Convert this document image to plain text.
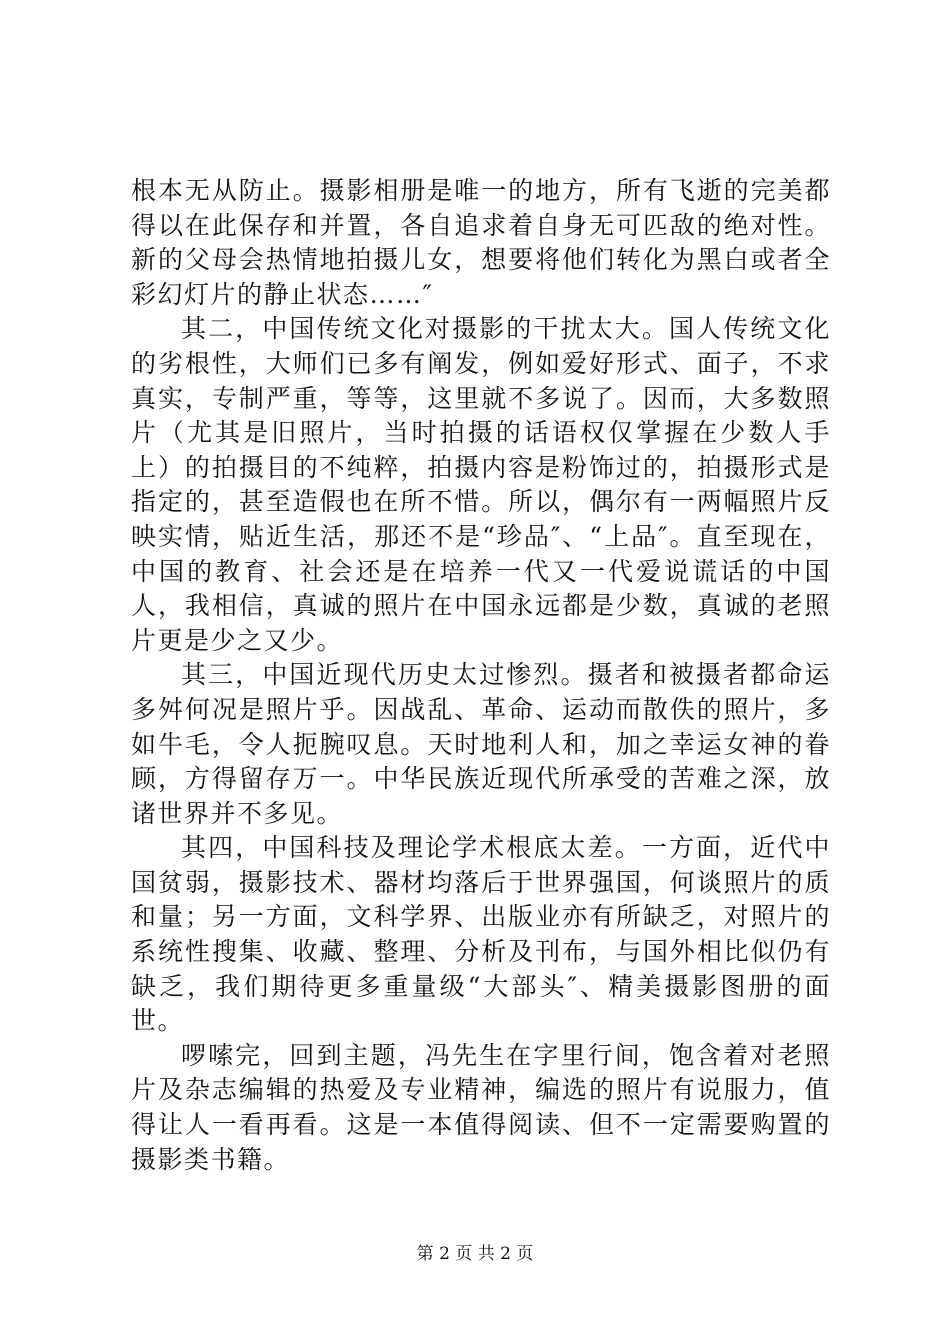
根本无从防止。摄影相册是唯一的地方，所有飞逝的完美都得以在此保存和并置，各自追求着自身无可匹敌的绝对性。新的父母会热情地拍摄儿女，想要将他们转化为黑白或者全彩幻灯片的静止状态……″

其二，中国传统文化对摄影的干扰太大。国人传统文化的劣根性，大师们已多有阐发，例如爱好形式、面子，不求真实，专制严重，等等，这里就不多说了。因而，大多数照片（尤其是旧照片，当时拍摄的话语权仅掌握在少数人手上）的拍摄目的不纯粹，拍摄内容是粉饰过的，拍摄形式是指定的，甚至造假也在所不惜。所以，偶尔有一两幅照片反映实情，贴近生活，那还不是“珍品″、“上品″。直至现在，中国的教育、社会还是在培养一代又一代爱说谎话的中国人，我相信，真诚的照片在中国永远都是少数，真诚的老照片更是少之又少。

其三，中国近现代历史太过惨烈。摄者和被摄者都命运多舛何况是照片乎。因战乱、革命、运动而散佚的照片，多如牛毛，令人扼腕叹息。天时地利人和，加之幸运女神的眷顾，方得留存万一。中华民族近现代所承受的苦难之深，放诸世界并不多见。

其四，中国科技及理论学术根底太差。一方面，近代中国贫弱，摄影技术、器材均落后于世界强国，何谈照片的质和量；另一方面，文科学界、出版业亦有所缺乏，对照片的系统性搜集、收藏、整理、分析及刊布，与国外相比似仍有缺乏，我们期待更多重量级“大部头″、精美摄影图册的面世。

啰嗦完，回到主题，冯先生在字里行间，饱含着对老照片及杂志编辑的热爱及专业精神，编选的照片有说服力，值得让人一看再看。这是一本值得阅读、但不一定需要购置的摄影类书籍。

第 2 页 共 2 页
